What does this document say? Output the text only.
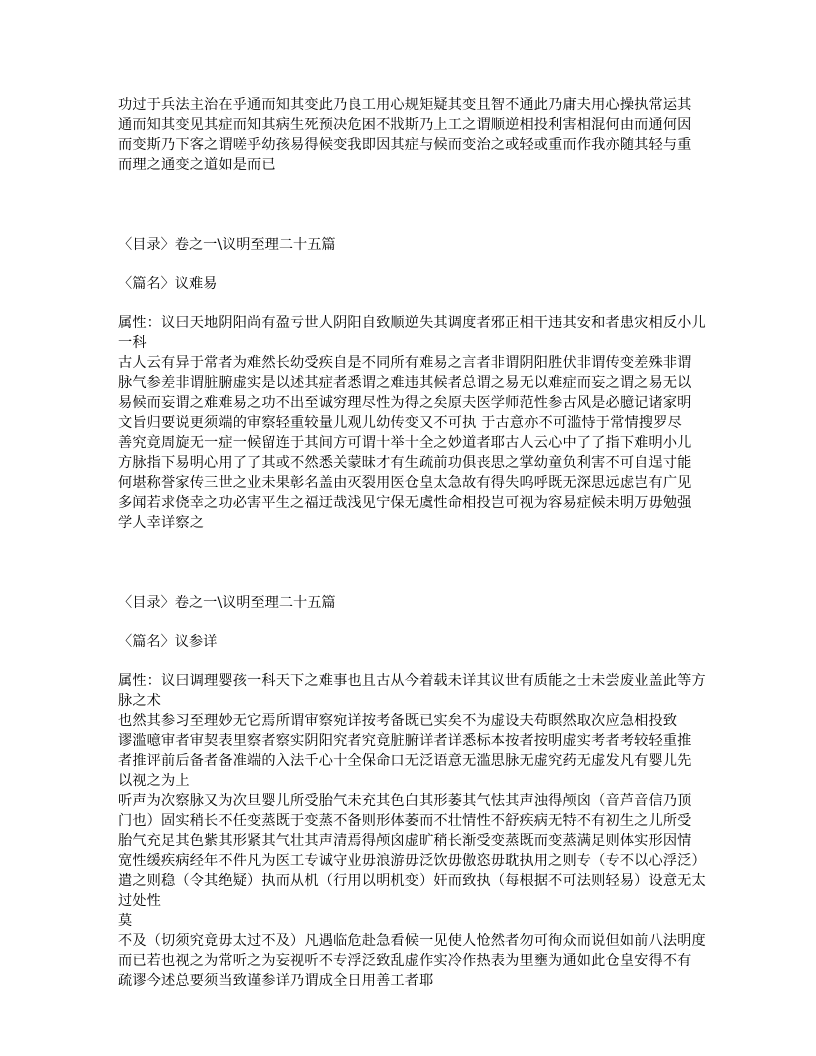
功过于兵法主治在乎通而知其变此乃良工用心规矩疑其变且智不通此乃庸夫用心操执常运其
通而知其变见其症而知其病生死预决危困不戕斯乃上工之谓顺逆相投利害相混何由而通何因
而变斯乃下客之谓嗟乎幼孩易得候变我即因其症与候而变治之或轻或重而作我亦随其轻与重
而理之通变之道如是而已
〈目录〉卷之一\议明至理二十五篇
〈篇名〉议难易
属性：议曰天地阴阳尚有盈亏世人阴阳自致顺逆失其调度者邪正相干违其安和者患灾相反小儿
一科
古人云有异于常者为难然长幼受疾自是不同所有难易之言者非谓阴阳胜伏非谓传变差殊非谓
脉气参差非谓脏腑虚实是以述其症者悉谓之难违其候者总谓之易无以难症而妄之谓之易无以
易候而妄谓之难难易之功不出至诚穷理尽性为得之矣原夫医学师范性参古风是必臆记诸家明
文旨归要说更须端的审察轻重较量儿观儿幼传变又不可执 于古意亦不可滥恃于常情搜罗尽
善究竟周旋无一症一候留连于其间方可谓十举十全之妙道者耶古人云心中了了指下难明小儿
方脉指下易明心用了了其或不然悉关蒙昧才有生疏前功俱丧思之掌幼童负利害不可自逞寸能
何堪称誉家传三世之业未果彰名盖由灭裂用医仓皇太急故有得失呜呼既无深思远虑岂有广见
多闻若求侥幸之功必害平生之福迂哉浅见宁保无虞性命相投岂可视为容易症候未明万毋勉强
学人幸详察之
〈目录〉卷之一\议明至理二十五篇
〈篇名〉议参详
属性：议曰调理婴孩一科天下之难事也且古从今着载未详其议世有质能之士未尝废业盖此等方
脉之术
也然其参习至理妙无它焉所谓审察宛详按考备既已实矣不为虚设夫苟瞑然取次应急相投致
谬滥噫审者审契表里察者察实阴阳究者究竟脏腑详者详悉标本按者按明虚实考者考较轻重推
者推评前后备者备准端的入法千心十全保命口无泛语意无滥思脉无虚究药无虚发凡有婴儿先
以视之为上
听声为次察脉又为次旦婴儿所受胎气未充其色白其形萎其气怯其声浊得颅囟（音芦音信乃顶
门也）固实稍长不任变蒸既于变蒸不备则形体萎而不壮情性不舒疾病无特不有初生之儿所受
胎气充足其色紫其形紧其气壮其声清焉得颅囟虚旷稍长渐受变蒸既而变蒸满足则体实形因情
宽性缓疾病经年不件凡为医工专诚守业毋浪游毋泛饮毋傲恣毋耽执用之则专（专不以心浮泛）
遣之则稳（令其绝疑）执而从机（行用以明机变）奸而致执（每根据不可法则轻易）设意无太
过处性
莫
不及（切须究竟毋太过不及）凡遇临危赴急看候一见使人怆然者勿可徇众而说但如前八法明度
而已若也视之为常听之为妄视听不专浮泛致乱虚作实冷作热表为里壅为通如此仓皇安得不有
疏谬今述总要须当致谨参详乃谓成全日用善工者耶
